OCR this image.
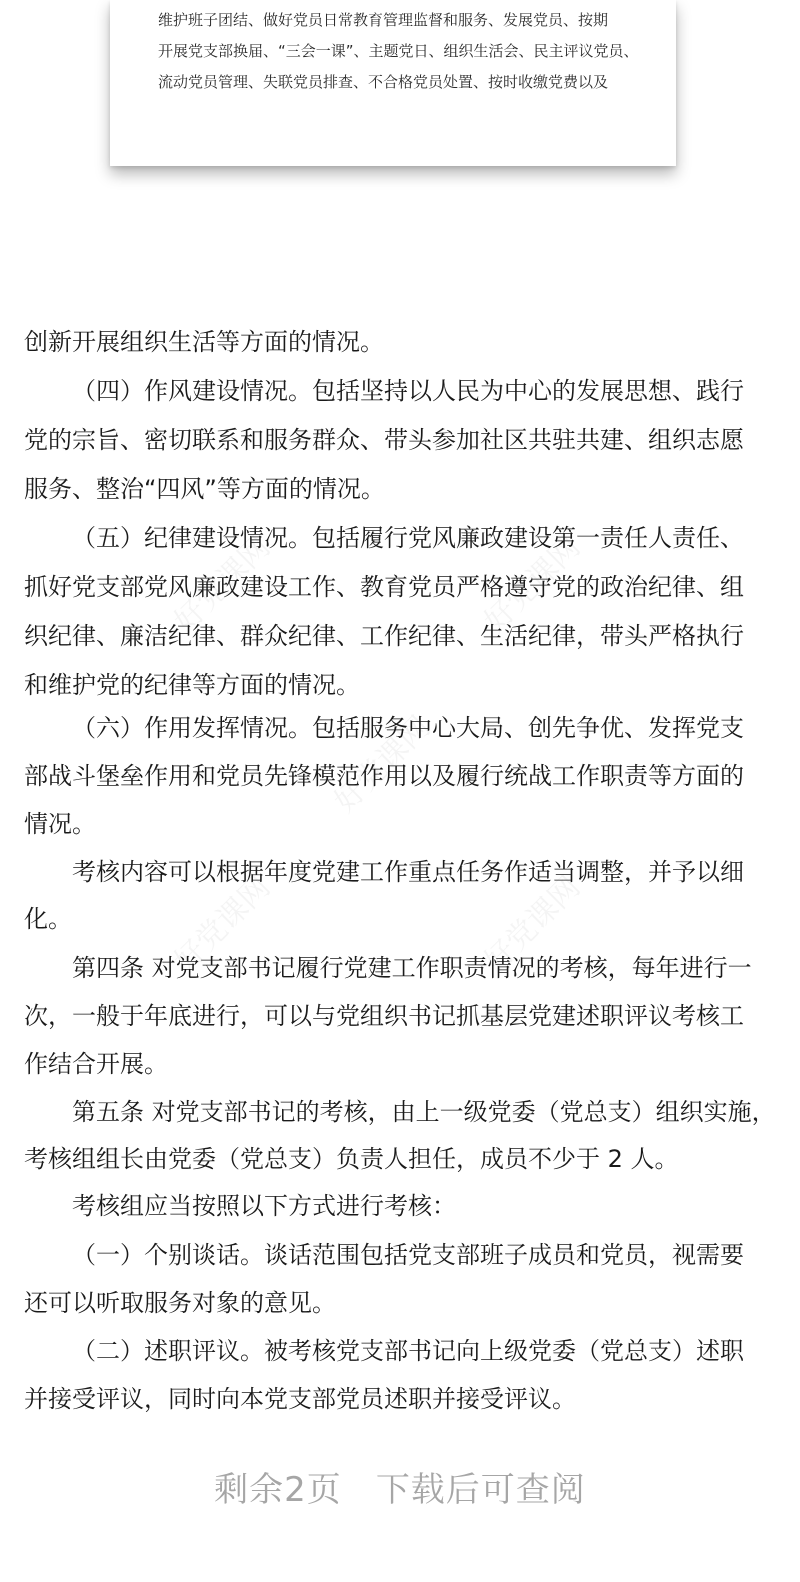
维护班子团结、做好党员日常教育管理监督和服务、发展党员、按期
开展党支部换届、“三会一课”、主题党日、组织生活会、民主评议党员、
流动党员管理、失联党员排查、不合格党员处置、按时收缴党费以及
好党课网	好党课网
好党课网
好党课网	好党课网
创新开展组织生活等方面的情况。
（四）作风建设情况。包括坚持以人民为中心的发展思想、践行
党的宗旨、密切联系和服务群众、带头参加社区共驻共建、组织志愿
服务、整治“四风”等方面的情况。
（五）纪律建设情况。包括履行党风廉政建设第一责任人责任、
抓好党支部党风廉政建设工作、教育党员严格遵守党的政治纪律、组
织纪律、廉洁纪律、群众纪律、工作纪律、生活纪律，带头严格执行
和维护党的纪律等方面的情况。
（六）作用发挥情况。包括服务中心大局、创先争优、发挥党支
部战斗堡垒作用和党员先锋模范作用以及履行统战工作职责等方面的
情况。
考核内容可以根据年度党建工作重点任务作适当调整，并予以细
化。
第四条 对党支部书记履行党建工作职责情况的考核，每年进行一
次，一般于年底进行，可以与党组织书记抓基层党建述职评议考核工
作结合开展。
第五条 对党支部书记的考核，由上一级党委（党总支）组织实施，
考核组组长由党委（党总支）负责人担任，成员不少于 2 人。
考核组应当按照以下方式进行考核：
（一）个别谈话。谈话范围包括党支部班子成员和党员，视需要
还可以听取服务对象的意见。
（二）述职评议。被考核党支部书记向上级党委（党总支）述职
并接受评议，同时向本党支部党员述职并接受评议。
剩余2页 下载后可查阅
